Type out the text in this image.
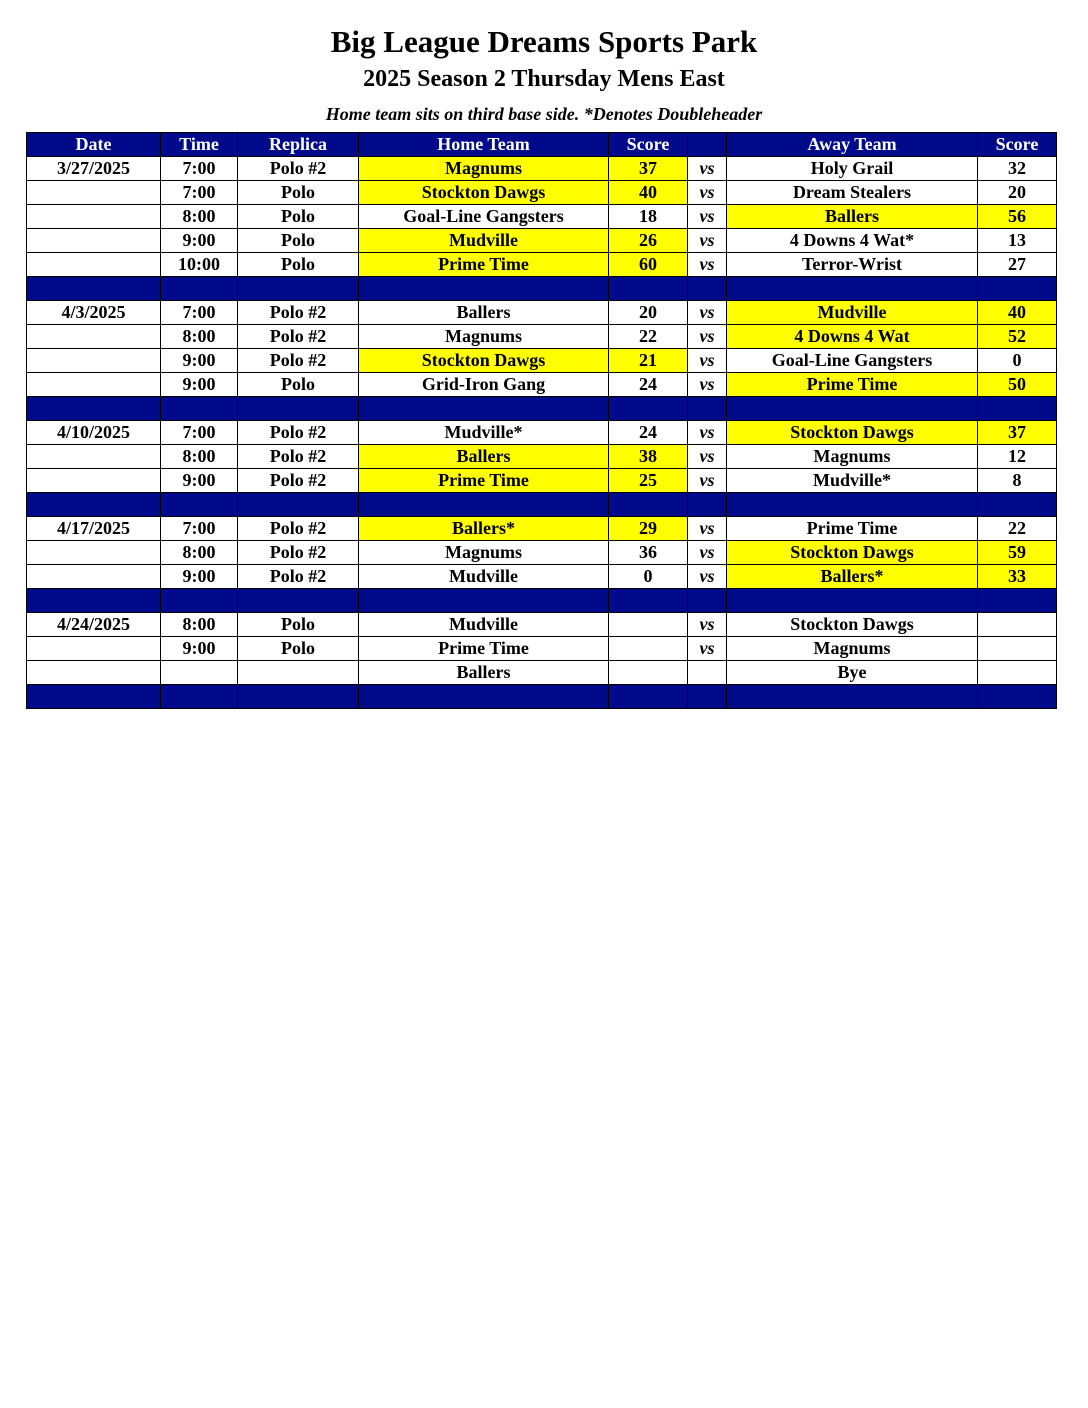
Big League Dreams Sports Park
2025 Season 2 Thursday Mens East
Home team sits on third base side. *Denotes Doubleheader
Date	Time	Replica	Home Team	Score		Away Team	Score
3/27/2025	7:00	Polo #2	Magnums	37	vs	Holy Grail	32
	7:00	Polo	Stockton Dawgs	40	vs	Dream Stealers	20
	8:00	Polo	Goal-Line Gangsters	18	vs	Ballers	56
	9:00	Polo	Mudville	26	vs	4 Downs 4 Wat*	13
	10:00	Polo	Prime Time	60	vs	Terror-Wrist	27

4/3/2025	7:00	Polo #2	Ballers	20	vs	Mudville	40
	8:00	Polo #2	Magnums	22	vs	4 Downs 4 Wat	52
	9:00	Polo #2	Stockton Dawgs	21	vs	Goal-Line Gangsters	0
	9:00	Polo	Grid-Iron Gang	24	vs	Prime Time	50

4/10/2025	7:00	Polo #2	Mudville*	24	vs	Stockton Dawgs	37
	8:00	Polo #2	Ballers	38	vs	Magnums	12
	9:00	Polo #2	Prime Time	25	vs	Mudville*	8

4/17/2025	7:00	Polo #2	Ballers*	29	vs	Prime Time	22
	8:00	Polo #2	Magnums	36	vs	Stockton Dawgs	59
	9:00	Polo #2	Mudville	0	vs	Ballers*	33

4/24/2025	8:00	Polo	Mudville		vs	Stockton Dawgs	
	9:00	Polo	Prime Time		vs	Magnums	
			Ballers			Bye	
